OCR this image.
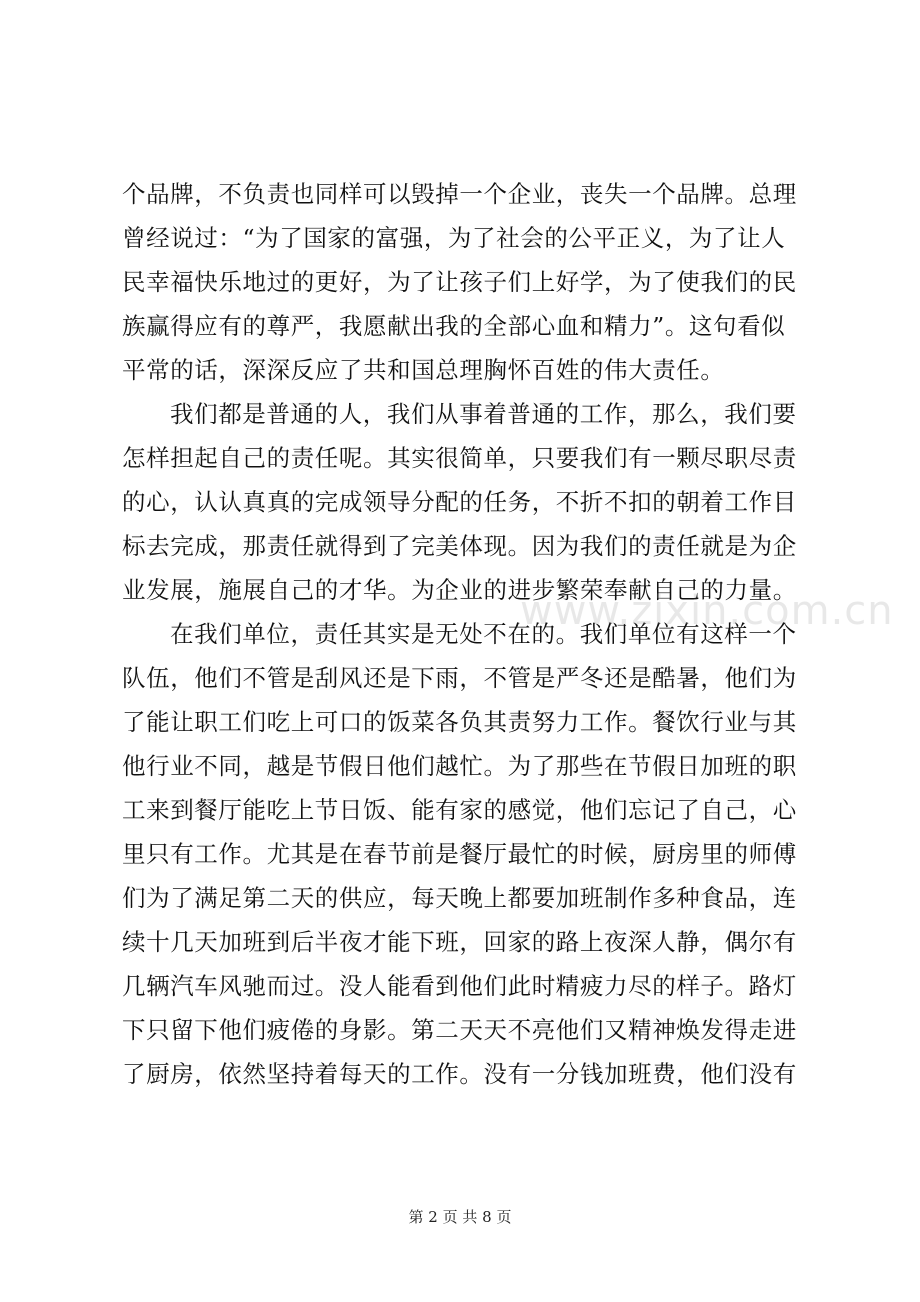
个品牌，不负责也同样可以毁掉一个企业，丧失一个品牌。总理
曾经说过：“为了国家的富强，为了社会的公平正义，为了让人
民幸福快乐地过的更好，为了让孩子们上好学，为了使我们的民
族赢得应有的尊严，我愿献出我的全部心血和精力”。这句看似
平常的话，深深反应了共和国总理胸怀百姓的伟大责任。
我们都是普通的人，我们从事着普通的工作，那么，我们要
怎样担起自己的责任呢。其实很简单，只要我们有一颗尽职尽责
的心，认认真真的完成领导分配的任务，不折不扣的朝着工作目
标去完成，那责任就得到了完美体现。因为我们的责任就是为企
业发展，施展自己的才华。为企业的进步繁荣奉献自己的力量。
在我们单位，责任其实是无处不在的。我们单位有这样一个
队伍，他们不管是刮风还是下雨，不管是严冬还是酷暑，他们为
了能让职工们吃上可口的饭菜各负其责努力工作。餐饮行业与其
他行业不同，越是节假日他们越忙。为了那些在节假日加班的职
工来到餐厅能吃上节日饭、能有家的感觉，他们忘记了自己，心
里只有工作。尤其是在春节前是餐厅最忙的时候，厨房里的师傅
们为了满足第二天的供应，每天晚上都要加班制作多种食品，连
续十几天加班到后半夜才能下班，回家的路上夜深人静，偶尔有
几辆汽车风驰而过。没人能看到他们此时精疲力尽的样子。路灯
下只留下他们疲倦的身影。第二天天不亮他们又精神焕发得走进
了厨房，依然坚持着每天的工作。没有一分钱加班费，他们没有
www.zixin.com.cn
第 2 页 共 8 页
